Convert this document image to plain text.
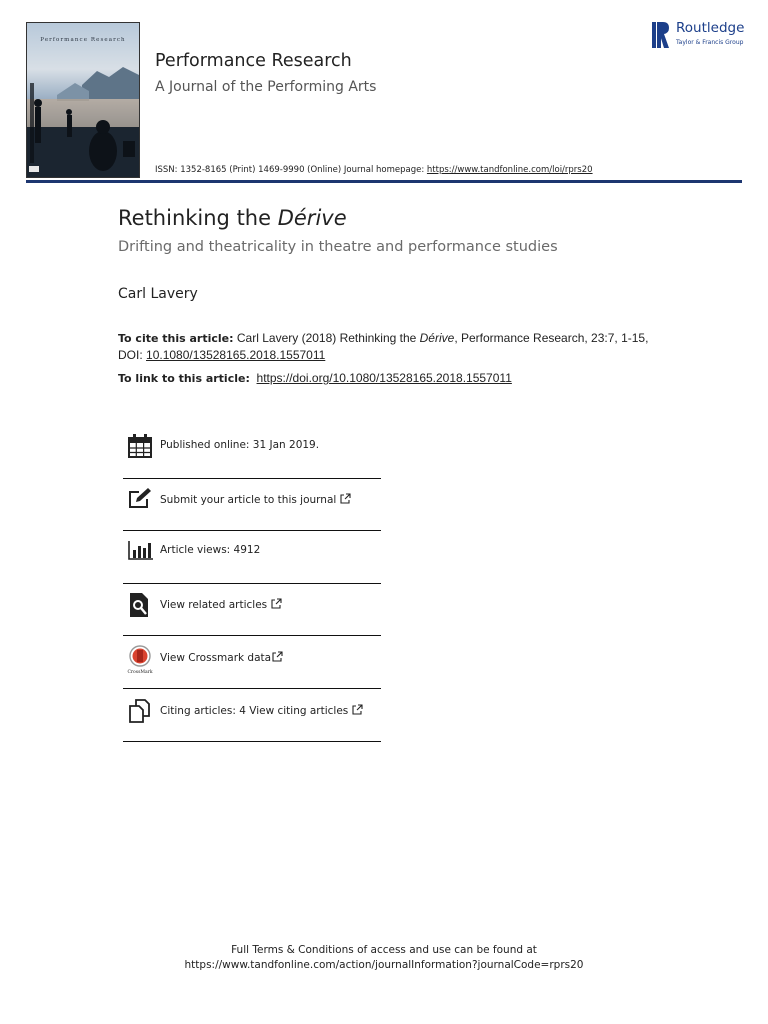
Performance Research
Performance Research
A Journal of the Performing Arts
ISSN: 1352-8165 (Print) 1469-9990 (Online) Journal homepage: https://www.tandfonline.com/loi/rprs20
Routledge
Taylor & Francis Group
Rethinking the Dérive
Drifting and theatricality in theatre and performance studies
Carl Lavery
To cite this article: Carl Lavery (2018) Rethinking the Dérive, Performance Research, 23:7, 1-15,
DOI: 10.1080/13528165.2018.1557011
To link to this article: https://doi.org/10.1080/13528165.2018.1557011
Published online: 31 Jan 2019.
Submit your article to this journal
Article views: 4912
View related articles
CrossMark
View Crossmark data
Citing articles: 4 View citing articles
Full Terms & Conditions of access and use can be found at
https://www.tandfonline.com/action/journalInformation?journalCode=rprs20
